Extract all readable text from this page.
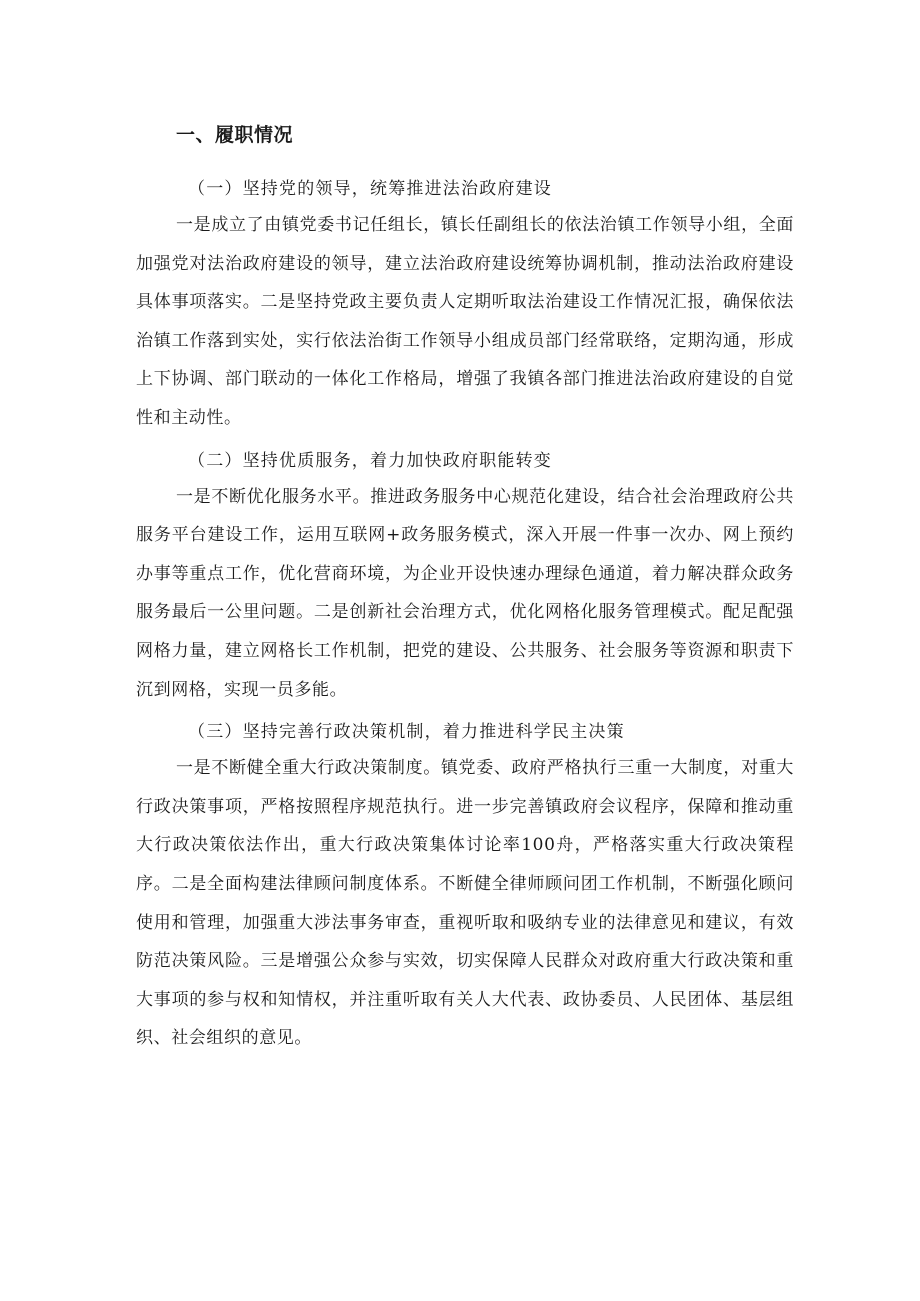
一、履职情况

（一）坚持党的领导，统筹推进法治政府建设

一是成立了由镇党委书记任组长，镇长任副组长的依法治镇工作领导小组，全面加强党对法治政府建设的领导，建立法治政府建设统筹协调机制，推动法治政府建设具体事项落实。二是坚持党政主要负责人定期听取法治建设工作情况汇报，确保依法治镇工作落到实处，实行依法治街工作领导小组成员部门经常联络，定期沟通，形成上下协调、部门联动的一体化工作格局，增强了我镇各部门推进法治政府建设的自觉性和主动性。

（二）坚持优质服务，着力加快政府职能转变

一是不断优化服务水平。推进政务服务中心规范化建设，结合社会治理政府公共服务平台建设工作，运用互联网+政务服务模式，深入开展一件事一次办、网上预约办事等重点工作，优化营商环境，为企业开设快速办理绿色通道，着力解决群众政务服务最后一公里问题。二是创新社会治理方式，优化网格化服务管理模式。配足配强网格力量，建立网格长工作机制，把党的建设、公共服务、社会服务等资源和职责下沉到网格，实现一员多能。

（三）坚持完善行政决策机制，着力推进科学民主决策

一是不断健全重大行政决策制度。镇党委、政府严格执行三重一大制度，对重大行政决策事项，严格按照程序规范执行。进一步完善镇政府会议程序，保障和推动重大行政决策依法作出，重大行政决策集体讨论率100舟，严格落实重大行政决策程序。二是全面构建法律顾问制度体系。不断健全律师顾问团工作机制，不断强化顾问使用和管理，加强重大涉法事务审查，重视听取和吸纳专业的法律意见和建议，有效防范决策风险。三是增强公众参与实效，切实保障人民群众对政府重大行政决策和重大事项的参与权和知情权，并注重听取有关人大代表、政协委员、人民团体、基层组织、社会组织的意见。
